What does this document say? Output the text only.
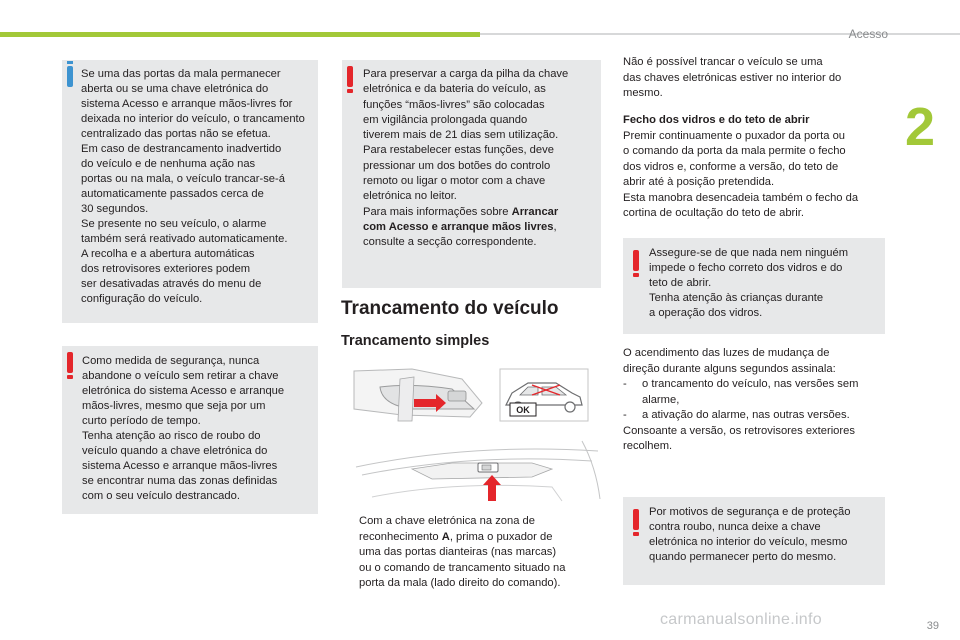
Acesso
2

Se uma das portas da mala permanecer

aberta ou se uma chave eletrónica do

sistema Acesso e arranque mãos-livres for

deixada no interior do veículo, o trancamento

centralizado das portas não se efetua.

Em caso de destrancamento inadvertido

do veículo e de nenhuma ação nas

portas ou na mala, o veículo trancar-se-á

automaticamente passados cerca de

30 segundos.

Se presente no seu veículo, o alarme

também será reativado automaticamente.

A recolha e a abertura automáticas

dos retrovisores exteriores podem

ser desativadas através do menu de

configuração do veículo.

Como medida de segurança, nunca

abandone o veículo sem retirar a chave

eletrónica do sistema Acesso e arranque

mãos-livres, mesmo que seja por um

curto período de tempo.

Tenha atenção ao risco de roubo do

veículo quando a chave eletrónica do

sistema Acesso e arranque mãos-livres

se encontrar numa das zonas definidas

com o seu veículo destrancado.

Para preservar a carga da pilha da chave

eletrónica e da bateria do veículo, as

funções “mãos-livres” são colocadas

em vigilância prolongada quando

tiverem mais de 21 dias sem utilização.

Para restabelecer estas funções, deve

pressionar um dos botões do controlo

remoto ou ligar o motor com a chave

eletrónica no leitor.

Para mais informações sobre Arrancar

com Acesso e arranque mãos livres,

consulte a secção correspondente.

Trancamento do veículo
Trancamento simples
OK

Com a chave eletrónica na zona de

reconhecimento A, prima o puxador de

uma das portas dianteiras (nas marcas)

ou o comando de trancamento situado na

porta da mala (lado direito do comando).

Não é possível trancar o veículo se uma

das chaves eletrónicas estiver no interior do

mesmo.

Fecho dos vidros e do teto de abrir

Premir continuamente o puxador da porta ou

o comando da porta da mala permite o fecho

dos vidros e, conforme a versão, do teto de

abrir até à posição pretendida.

Esta manobra desencadeia também o fecho da

cortina de ocultação do teto de abrir.

Assegure-se de que nada nem ninguém

impede o fecho correto dos vidros e do

teto de abrir.

Tenha atenção às crianças durante

a operação dos vidros.

O acendimento das luzes de mudança de

direção durante alguns segundos assinala:

- o trancamento do veículo, nas versões sem
alarme,
- a ativação do alarme, nas outras versões.

Consoante a versão, os retrovisores exteriores

recolhem.

Por motivos de segurança e de proteção

contra roubo, nunca deixe a chave

eletrónica no interior do veículo, mesmo

quando permanecer perto do mesmo.

carmanualsonline.info	39
